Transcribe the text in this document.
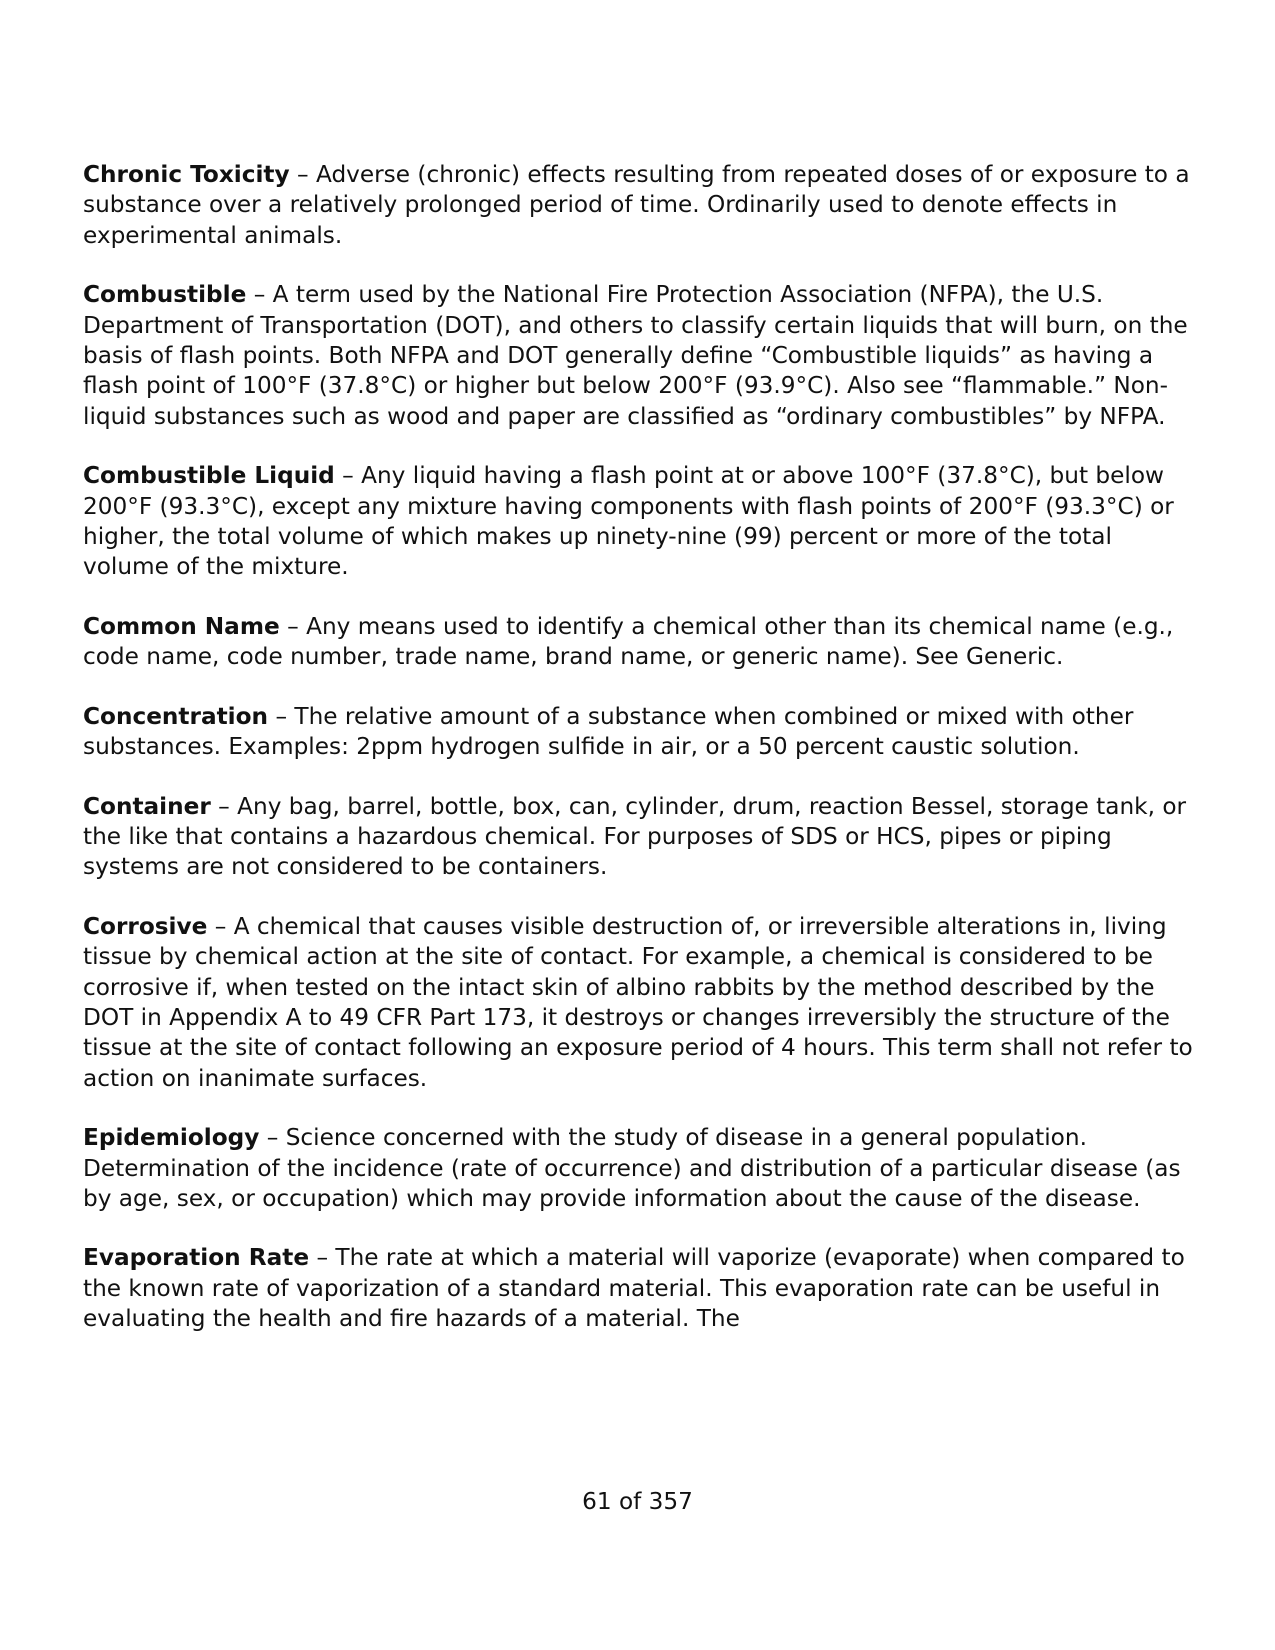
Chronic Toxicity – Adverse (chronic) effects resulting from repeated doses of or exposure to a substance over a relatively prolonged period of time. Ordinarily used to denote effects in experimental animals.

Combustible – A term used by the National Fire Protection Association (NFPA), the U.S. Department of Transportation (DOT), and others to classify certain liquids that will burn, on the basis of flash points. Both NFPA and DOT generally define “Combustible liquids” as having a flash point of 100°F (37.8°C) or higher but below 200°F (93.9°C). Also see “flammable.” Non-liquid substances such as wood and paper are classified as “ordinary combustibles” by NFPA.

Combustible Liquid – Any liquid having a flash point at or above 100°F (37.8°C), but below 200°F (93.3°C), except any mixture having components with flash points of 200°F (93.3°C) or higher, the total volume of which makes up ninety-nine (99) percent or more of the total volume of the mixture.

Common Name – Any means used to identify a chemical other than its chemical name (e.g., code name, code number, trade name, brand name, or generic name). See Generic.

Concentration – The relative amount of a substance when combined or mixed with other substances. Examples: 2ppm hydrogen sulfide in air, or a 50 percent caustic solution.

Container – Any bag, barrel, bottle, box, can, cylinder, drum, reaction Bessel, storage tank, or the like that contains a hazardous chemical. For purposes of SDS or HCS, pipes or piping systems are not considered to be containers.

Corrosive – A chemical that causes visible destruction of, or irreversible alterations in, living tissue by chemical action at the site of contact. For example, a chemical is considered to be corrosive if, when tested on the intact skin of albino rabbits by the method described by the DOT in Appendix A to 49 CFR Part 173, it destroys or changes irreversibly the structure of the tissue at the site of contact following an exposure period of 4 hours. This term shall not refer to action on inanimate surfaces.

Epidemiology – Science concerned with the study of disease in a general population. Determination of the incidence (rate of occurrence) and distribution of a particular disease (as by age, sex, or occupation) which may provide information about the cause of the disease.

Evaporation Rate – The rate at which a material will vaporize (evaporate) when compared to the known rate of vaporization of a standard material. This evaporation rate can be useful in evaluating the health and fire hazards of a material. The

61 of 357
